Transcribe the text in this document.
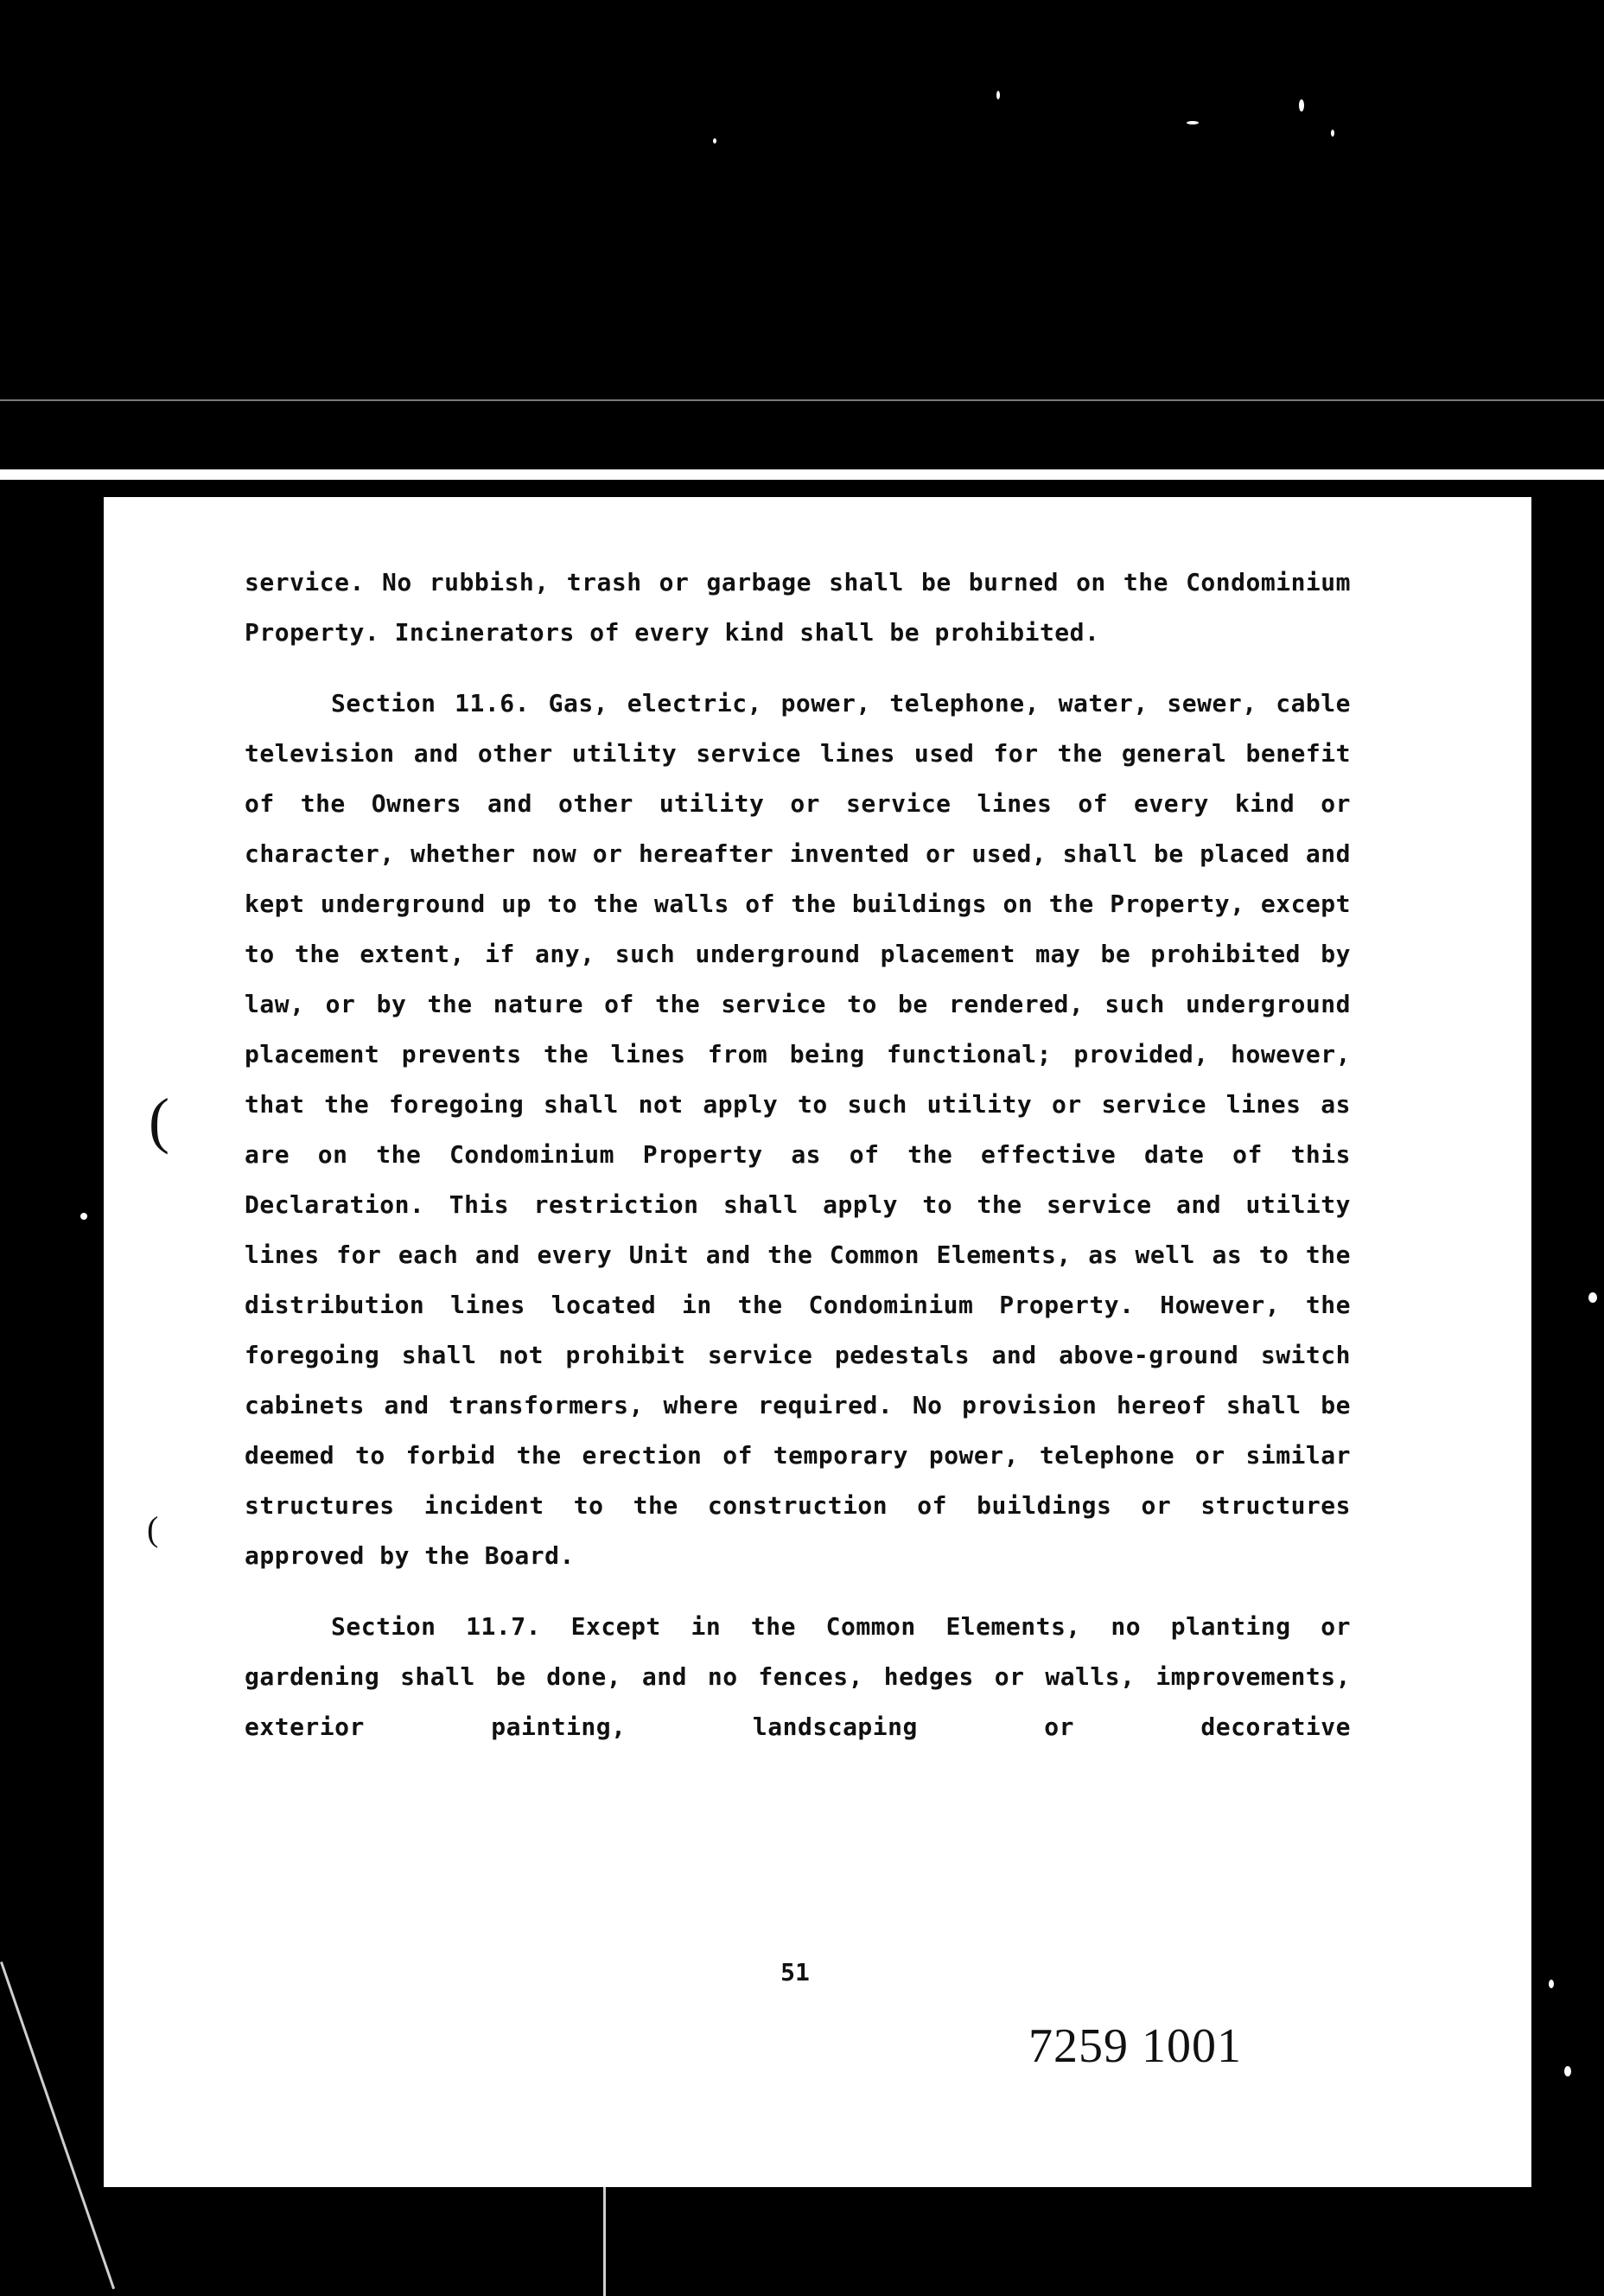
(
(

service. No rubbish, trash or garbage shall be burned on the Condominium Property. Incinerators of every kind shall be prohibited.

Section 11.6. Gas, electric, power, telephone, water, sewer, cable television and other utility service lines used for the general benefit of the Owners and other utility or service lines of every kind or character, whether now or hereafter invented or used, shall be placed and kept underground up to the walls of the buildings on the Property, except to the extent, if any, such underground placement may be prohibited by law, or by the nature of the service to be rendered, such underground placement prevents the lines from being functional; provided, however, that the foregoing shall not apply to such utility or service lines as are on the Condominium Property as of the effective date of this Declaration. This restriction shall apply to the service and utility lines for each and every Unit and the Common Elements, as well as to the distribution lines located in the Condominium Property. However, the foregoing shall not prohibit service pedestals and above-ground switch cabinets and transformers, where required. No provision hereof shall be deemed to forbid the erection of temporary power, telephone or similar structures incident to the construction of buildings or structures approved by the Board.

Section 11.7. Except in the Common Elements, no planting or gardening shall be done, and no fences, hedges or walls, improvements, exterior painting, landscaping or decorative

51
7259 1001
